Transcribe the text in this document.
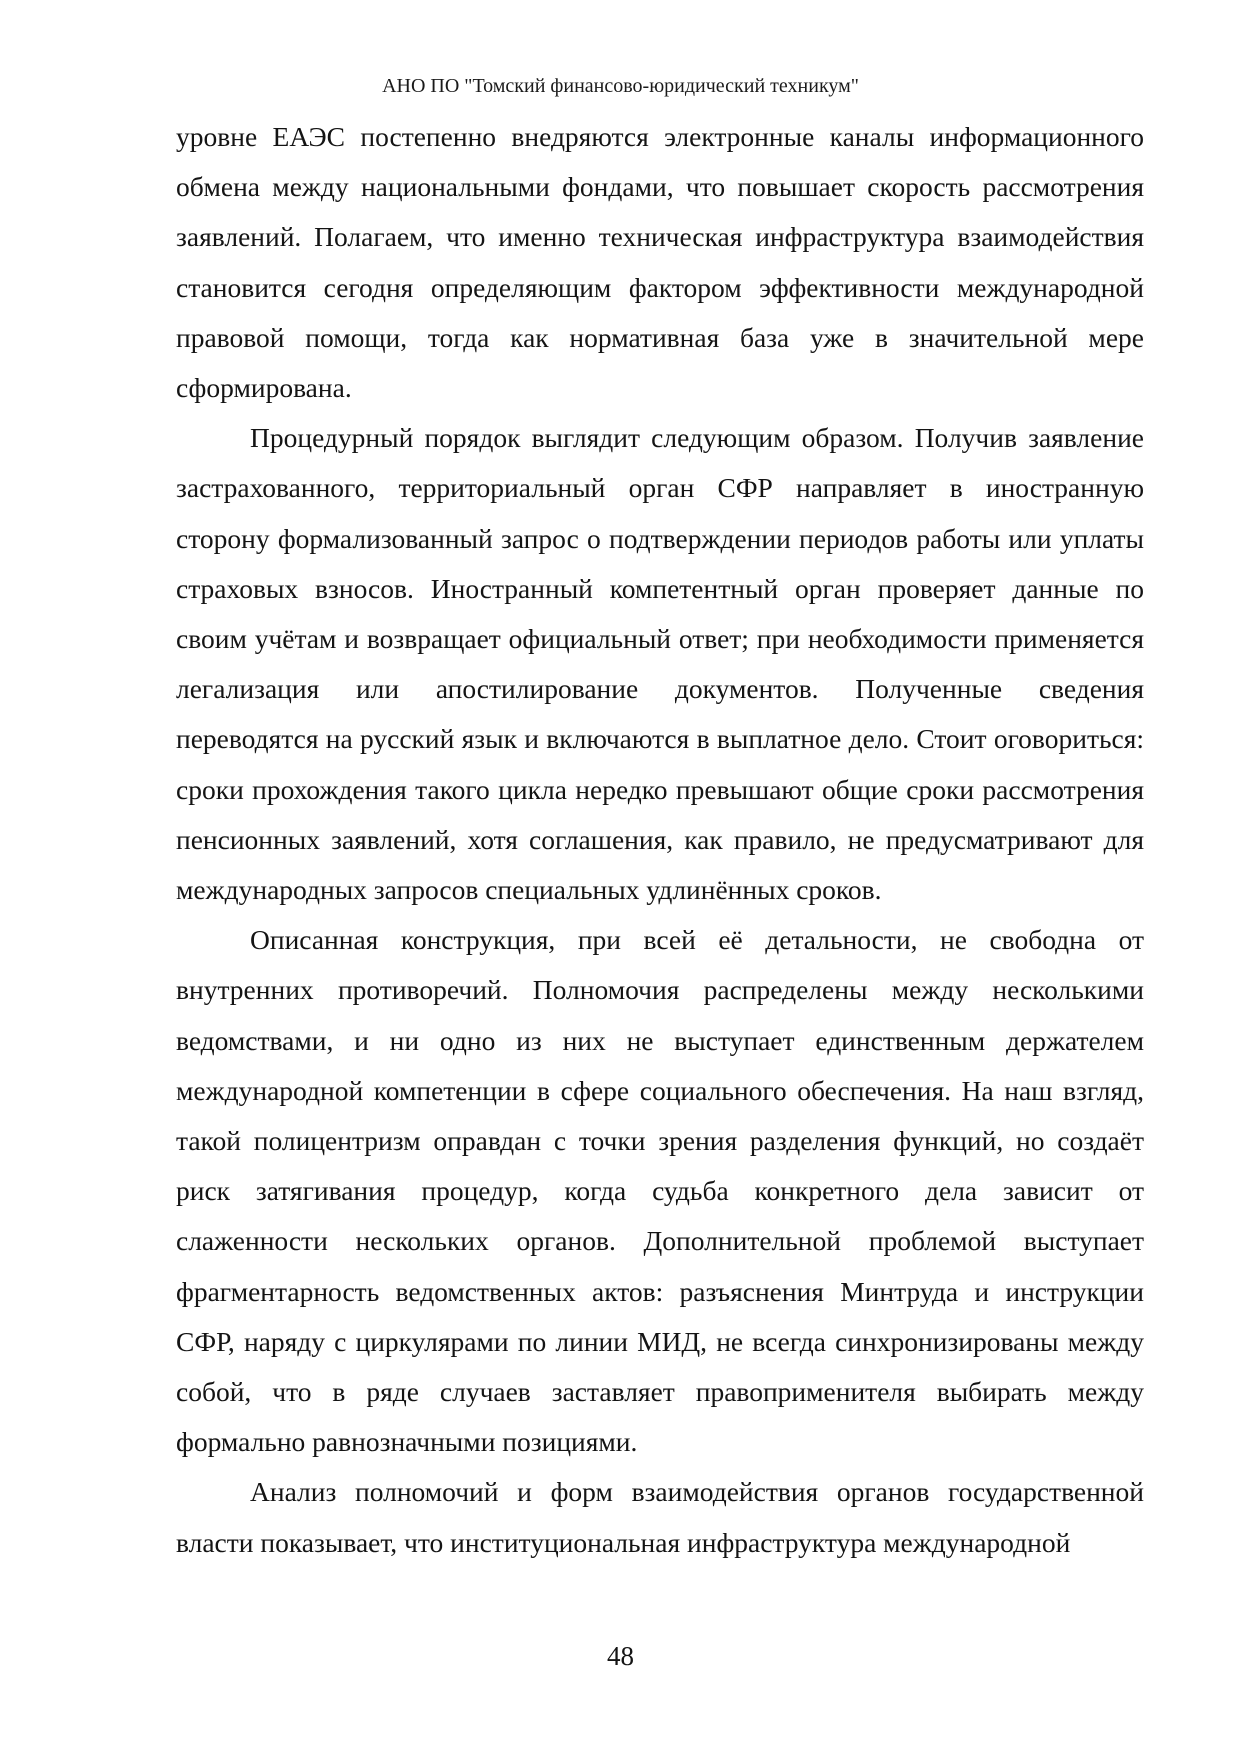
АНО ПО "Томский финансово-юридический техникум"

уровне ЕАЭС постепенно внедряются электронные каналы информационного обмена между национальными фондами, что повышает скорость рассмотрения заявлений. Полагаем, что именно техническая инфраструктура взаимодействия становится сегодня определяющим фактором эффективности международной правовой помощи, тогда как нормативная база уже в значительной мере сформирована.

Процедурный порядок выглядит следующим образом. Получив заявление застрахованного, территориальный орган СФР направляет в иностранную сторону формализованный запрос о подтверждении периодов работы или уплаты страховых взносов. Иностранный компетентный орган проверяет данные по своим учётам и возвращает официальный ответ; при необходимости применяется легализация или апостилирование документов. Полученные сведения переводятся на русский язык и включаются в выплатное дело. Стоит оговориться: сроки прохождения такого цикла нередко превышают общие сроки рассмотрения пенсионных заявлений, хотя соглашения, как правило, не предусматривают для международных запросов специальных удлинённых сроков.

Описанная конструкция, при всей её детальности, не свободна от внутренних противоречий. Полномочия распределены между несколькими ведомствами, и ни одно из них не выступает единственным держателем международной компетенции в сфере социального обеспечения. На наш взгляд, такой полицентризм оправдан с точки зрения разделения функций, но создаёт риск затягивания процедур, когда судьба конкретного дела зависит от слаженности нескольких органов. Дополнительной проблемой выступает фрагментарность ведомственных актов: разъяснения Минтруда и инструкции СФР, наряду с циркулярами по линии МИД, не всегда синхронизированы между собой, что в ряде случаев заставляет правоприменителя выбирать между формально равнозначными позициями.

Анализ полномочий и форм взаимодействия органов государственной власти показывает, что институциональная инфраструктура международной

48
